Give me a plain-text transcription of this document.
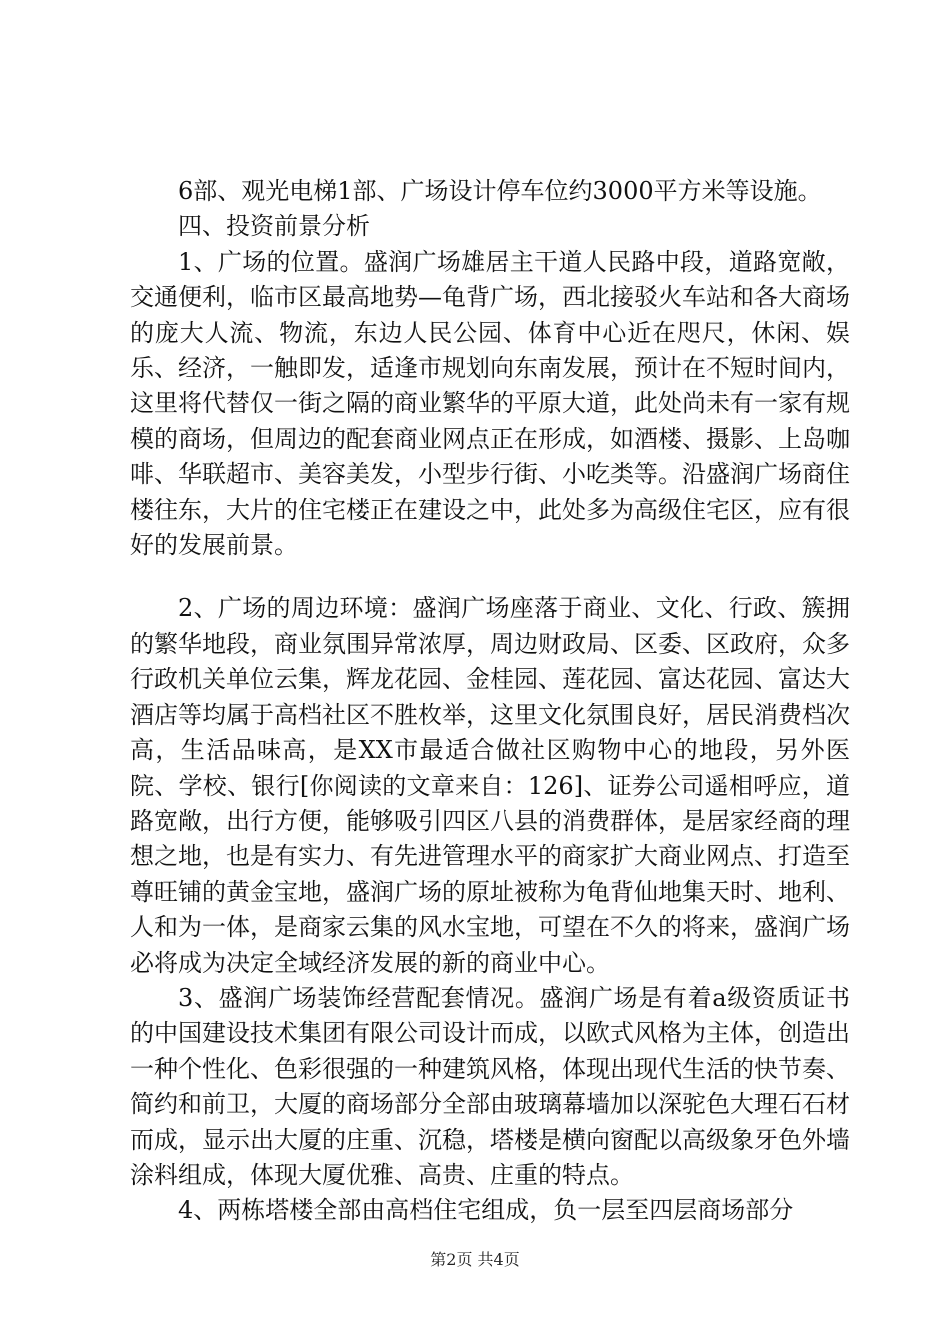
6部、观光电梯1部、广场设计停车位约3000平方米等设施。

四、投资前景分析

1、广场的位置。盛润广场雄居主干道人民路中段，道路宽敞，交通便利，临市区最高地势—龟背广场，西北接驳火车站和各大商场的庞大人流、物流，东边人民公园、体育中心近在咫尺，休闲、娱乐、经济，一触即发，适逢市规划向东南发展，预计在不短时间内，这里将代替仅一街之隔的商业繁华的平原大道，此处尚未有一家有规模的商场，但周边的配套商业网点正在形成，如酒楼、摄影、上岛咖啡、华联超市、美容美发，小型步行街、小吃类等。沿盛润广场商住楼往东，大片的住宅楼正在建设之中，此处多为高级住宅区，应有很好的发展前景。

2、广场的周边环境：盛润广场座落于商业、文化、行政、簇拥的繁华地段，商业氛围异常浓厚，周边财政局、区委、区政府，众多行政机关单位云集，辉龙花园、金桂园、莲花园、富达花园、富达大酒店等均属于高档社区不胜枚举，这里文化氛围良好，居民消费档次高，生活品味高，是XX市最适合做社区购物中心的地段，另外医院、学校、银行[你阅读的文章来自：126]、证券公司遥相呼应，道路宽敞，出行方便，能够吸引四区八县的消费群体，是居家经商的理想之地，也是有实力、有先进管理水平的商家扩大商业网点、打造至尊旺铺的黄金宝地，盛润广场的原址被称为龟背仙地集天时、地利、人和为一体，是商家云集的风水宝地，可望在不久的将来，盛润广场必将成为决定全域经济发展的新的商业中心。

3、盛润广场装饰经营配套情况。盛润广场是有着a级资质证书的中国建设技术集团有限公司设计而成，以欧式风格为主体，创造出一种个性化、色彩很强的一种建筑风格，体现出现代生活的快节奏、简约和前卫，大厦的商场部分全部由玻璃幕墙加以深驼色大理石石材而成，显示出大厦的庄重、沉稳，塔楼是横向窗配以高级象牙色外墙涂料组成，体现大厦优雅、高贵、庄重的特点。

4、两栋塔楼全部由高档住宅组成，负一层至四层商场部分

第2页 共4页
